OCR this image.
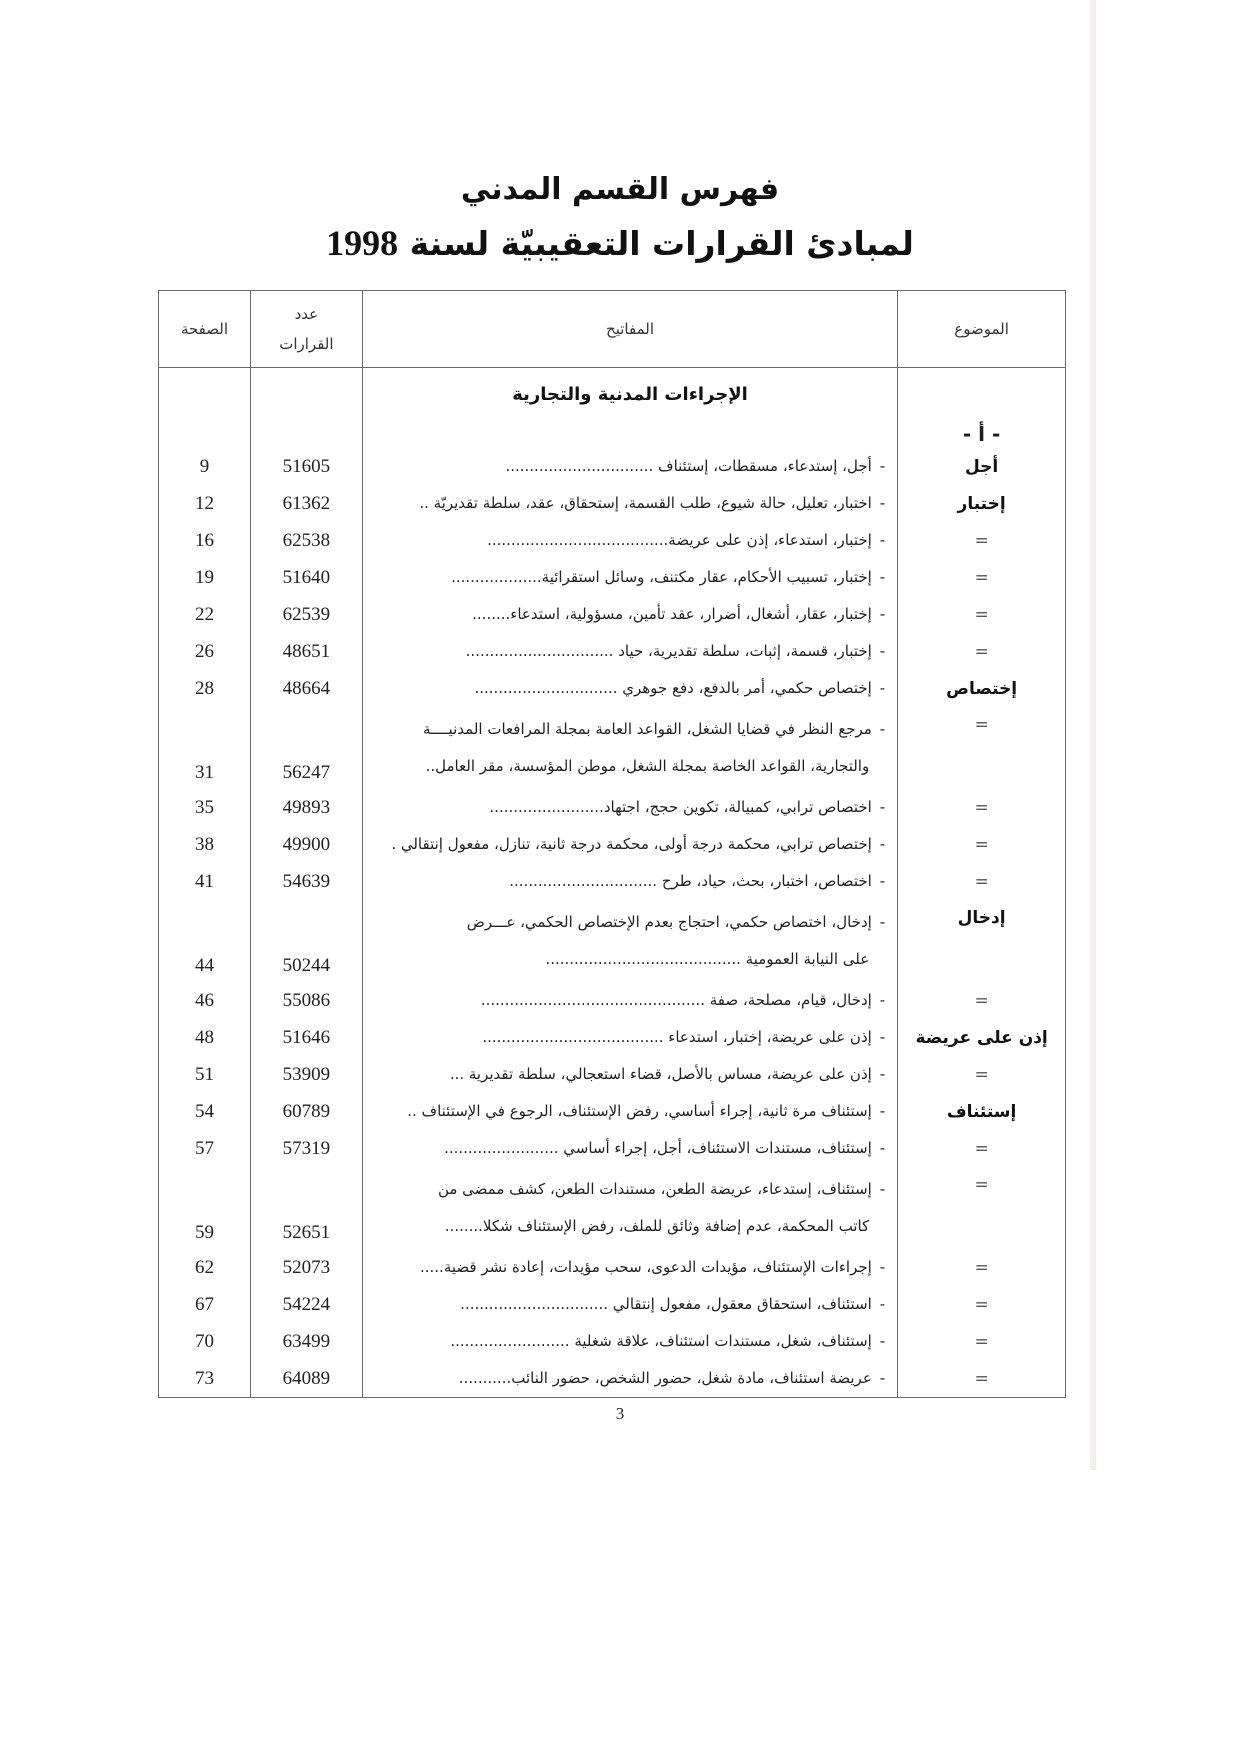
فهرس القسم المدني
لمبادئ القرارات التعقيبيّة لسنة 1998
الموضوع	المفاتيح	عدد القرارات	الصفحة
	الإجراءات المدنية والتجارية		
- أ -			
أجل	-أجل، إستدعاء، مسقطات، إستئناف ...............................	51605	9
إختبار	-اختبار، تعليل، حالة شيوع، طلب القسمة، إستحقاق، عقد، سلطة تقديريّة ..	61362	12
=	-إختبار، استدعاء، إذن على عريضة......................................	62538	16
=	-إختبار، تسبيب الأحكام، عقار مكتنف، وسائل استقرائية...................	51640	19
=	-إختبار، عقار، أشغال، أضرار، عقد تأمين، مسؤولية، استدعاء........	62539	22
=	-إختبار، قسمة، إثبات، سلطة تقديرية، حياد ...............................	48651	26
إختصاص	-إختصاص حكمي، أمر بالدفع، دفع جوهري ..............................	48664	28
=	-مرجع النظر في قضايا الشغل، القواعد العامة بمجلة المرافعات المدنيــــة
والتجارية، القواعد الخاصة بمجلة الشغل، موطن المؤسسة، مقر العامل..	56247	31
=	-اختصاص ترابي، كمبيالة، تكوين حجج، اجتهاد........................	49893	35
=	-إختصاص ترابي، محكمة درجة أولى، محكمة درجة ثانية، تنازل، مفعول إنتقالي .	49900	38
=	-اختصاص، اختبار، بحث، حياد، طرح ...............................	54639	41
إدخال	-إدخال، اختصاص حكمي، احتجاج بعدم الإختصاص الحكمي، عـــرض
على النيابة العمومية .........................................	50244	44
=	-إدخال، قيام، مصلحة، صفة ...............................................	55086	46
إذن على عريضة	-إذن على عريضة، إختبار، استدعاء ......................................	51646	48
=	-إذن على عريضة، مساس بالأصل، قضاء استعجالي، سلطة تقديرية ...	53909	51
إستئناف	-إستئناف مرة ثانية، إجراء أساسي، رفض الإستئناف، الرجوع في الإستئناف ..	60789	54
=	-إستئناف، مستندات الاستئناف، أجل، إجراء أساسي ........................	57319	57
=	-إستئناف، إستدعاء، عريضة الطعن، مستندات الطعن، كشف ممضى من
كاتب المحكمة، عدم إضافة وثائق للملف، رفض الإستئناف شكلا........	52651	59
=	-إجراءات الإستئناف، مؤيدات الدعوى، سحب مؤيدات، إعادة نشر قضية.....	52073	62
=	-استئناف، استحقاق معقول، مفعول إنتقالي ...............................	54224	67
=	-إستئناف، شغل، مستندات استئناف، علاقة شغلية .........................	63499	70
=	-عريضة استئناف، مادة شغل، حضور الشخص، حضور النائب...........	64089	73
3
